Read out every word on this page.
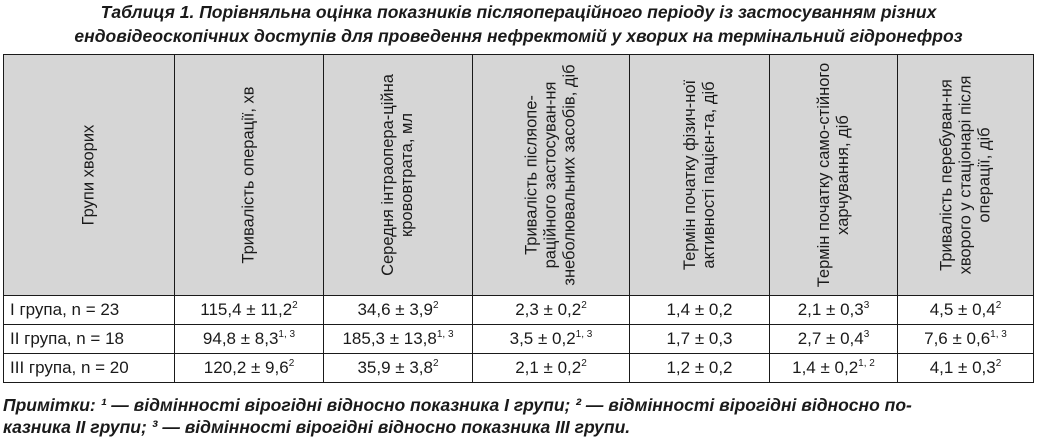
Таблиця 1. Порівняльна оцінка показників післяопераційного періоду із застосуванням різних
ендовідеоскопічних доступів для проведення нефректомій у хворих на термінальний гідронефроз
Групи хворих	Тривалість операції, хв	Середня інтраопера-ційна крововтрата, мл	Тривалість післяопе-раційного застосуван-ня знеболювальних засобів, діб	Термін початку фізич-ної активності пацієн-та, діб	Термін початку само-стійного харчування, діб	Тривалість перебуван-ня хворого у стаціонарі після операції, діб

I група, n = 23	$115,4 \pm 11,2^2$	$34,6 \pm 3,9^2$	$2,3 \pm 0,2^2$	1,4 ± 0,2	$2,1 \pm 0,3^3$	$4,5 \pm 0,4^2$
II група, n = 18	$94,8 \pm 8,3^{1, 3}$	$185,3 \pm 13,8^{1, 3}$	$3,5 \pm 0,2^{1, 3}$	1,7 ± 0,3	$2,7 \pm 0,4^3$	$7,6 \pm 0,6^{1, 3}$
III група, n = 20	$120,2 \pm 9,6^2$	$35,9 \pm 3,8^2$	$2,1 \pm 0,2^2$	1,2 ± 0,2	$1,4 \pm 0,2^{1, 2}$	$4,1 \pm 0,3^2$
Примітки: ¹ — відмінності вірогідні відносно показника I групи; ² — відмінності вірогідні відносно по-
казника II групи; ³ — відмінності вірогідні відносно показника III групи.
